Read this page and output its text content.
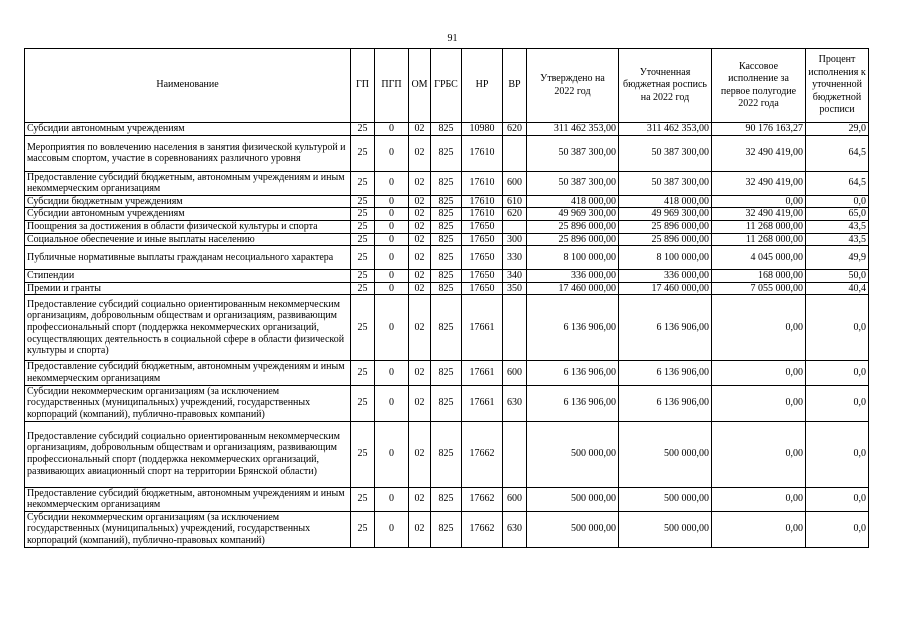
91
Наименование	ГП	ПГП	ОМ	ГРБС	НР	ВР	Утверждено на 2022 год	Уточненная бюджетная роспись на 2022 год	Кассовое исполнение за первое полугодие 2022 года	Процент исполнения к уточненной бюджетной росписи
Субсидии автономным учреждениям	25	0	02	825	10980	620	311 462 353,00	311 462 353,00	90 176 163,27	29,0
Мероприятия по вовлечению населения в занятия физической культурой и массовым спортом, участие в соревнованиях различного уровня	25	0	02	825	17610		50 387 300,00	50 387 300,00	32 490 419,00	64,5
Предоставление субсидий бюджетным, автономным учреждениям и иным некоммерческим организациям	25	0	02	825	17610	600	50 387 300,00	50 387 300,00	32 490 419,00	64,5
Субсидии бюджетным учреждениям	25	0	02	825	17610	610	418 000,00	418 000,00	0,00	0,0
Субсидии автономным учреждениям	25	0	02	825	17610	620	49 969 300,00	49 969 300,00	32 490 419,00	65,0
Поощрения за достижения в области физической культуры и спорта	25	0	02	825	17650		25 896 000,00	25 896 000,00	11 268 000,00	43,5
Социальное обеспечение и иные выплаты населению	25	0	02	825	17650	300	25 896 000,00	25 896 000,00	11 268 000,00	43,5
Публичные нормативные выплаты гражданам несоциального характера	25	0	02	825	17650	330	8 100 000,00	8 100 000,00	4 045 000,00	49,9
Стипендии	25	0	02	825	17650	340	336 000,00	336 000,00	168 000,00	50,0
Премии и гранты	25	0	02	825	17650	350	17 460 000,00	17 460 000,00	7 055 000,00	40,4
Предоставление субсидий социально ориентированным некоммерческим организациям, добровольным обществам и организациям, развивающим профессиональный спорт (поддержка некоммерческих организаций, осуществляющих деятельность в социальной сфере в области физической культуры и спорта)	25	0	02	825	17661		6 136 906,00	6 136 906,00	0,00	0,0
Предоставление субсидий бюджетным, автономным учреждениям и иным некоммерческим организациям	25	0	02	825	17661	600	6 136 906,00	6 136 906,00	0,00	0,0
Субсидии некоммерческим организациям (за исключением государственных (муниципальных) учреждений, государственных корпораций (компаний), публично-правовых компаний)	25	0	02	825	17661	630	6 136 906,00	6 136 906,00	0,00	0,0
Предоставление субсидий социально ориентированным некоммерческим организациям, добровольным обществам и организациям, развивающим профессиональный спорт (поддержка некоммерческих организаций, развивающих авиационный спорт на территории Брянской области)	25	0	02	825	17662		500 000,00	500 000,00	0,00	0,0
Предоставление субсидий бюджетным, автономным учреждениям и иным некоммерческим организациям	25	0	02	825	17662	600	500 000,00	500 000,00	0,00	0,0
Субсидии некоммерческим организациям (за исключением государственных (муниципальных) учреждений, государственных корпораций (компаний), публично-правовых компаний)	25	0	02	825	17662	630	500 000,00	500 000,00	0,00	0,0
